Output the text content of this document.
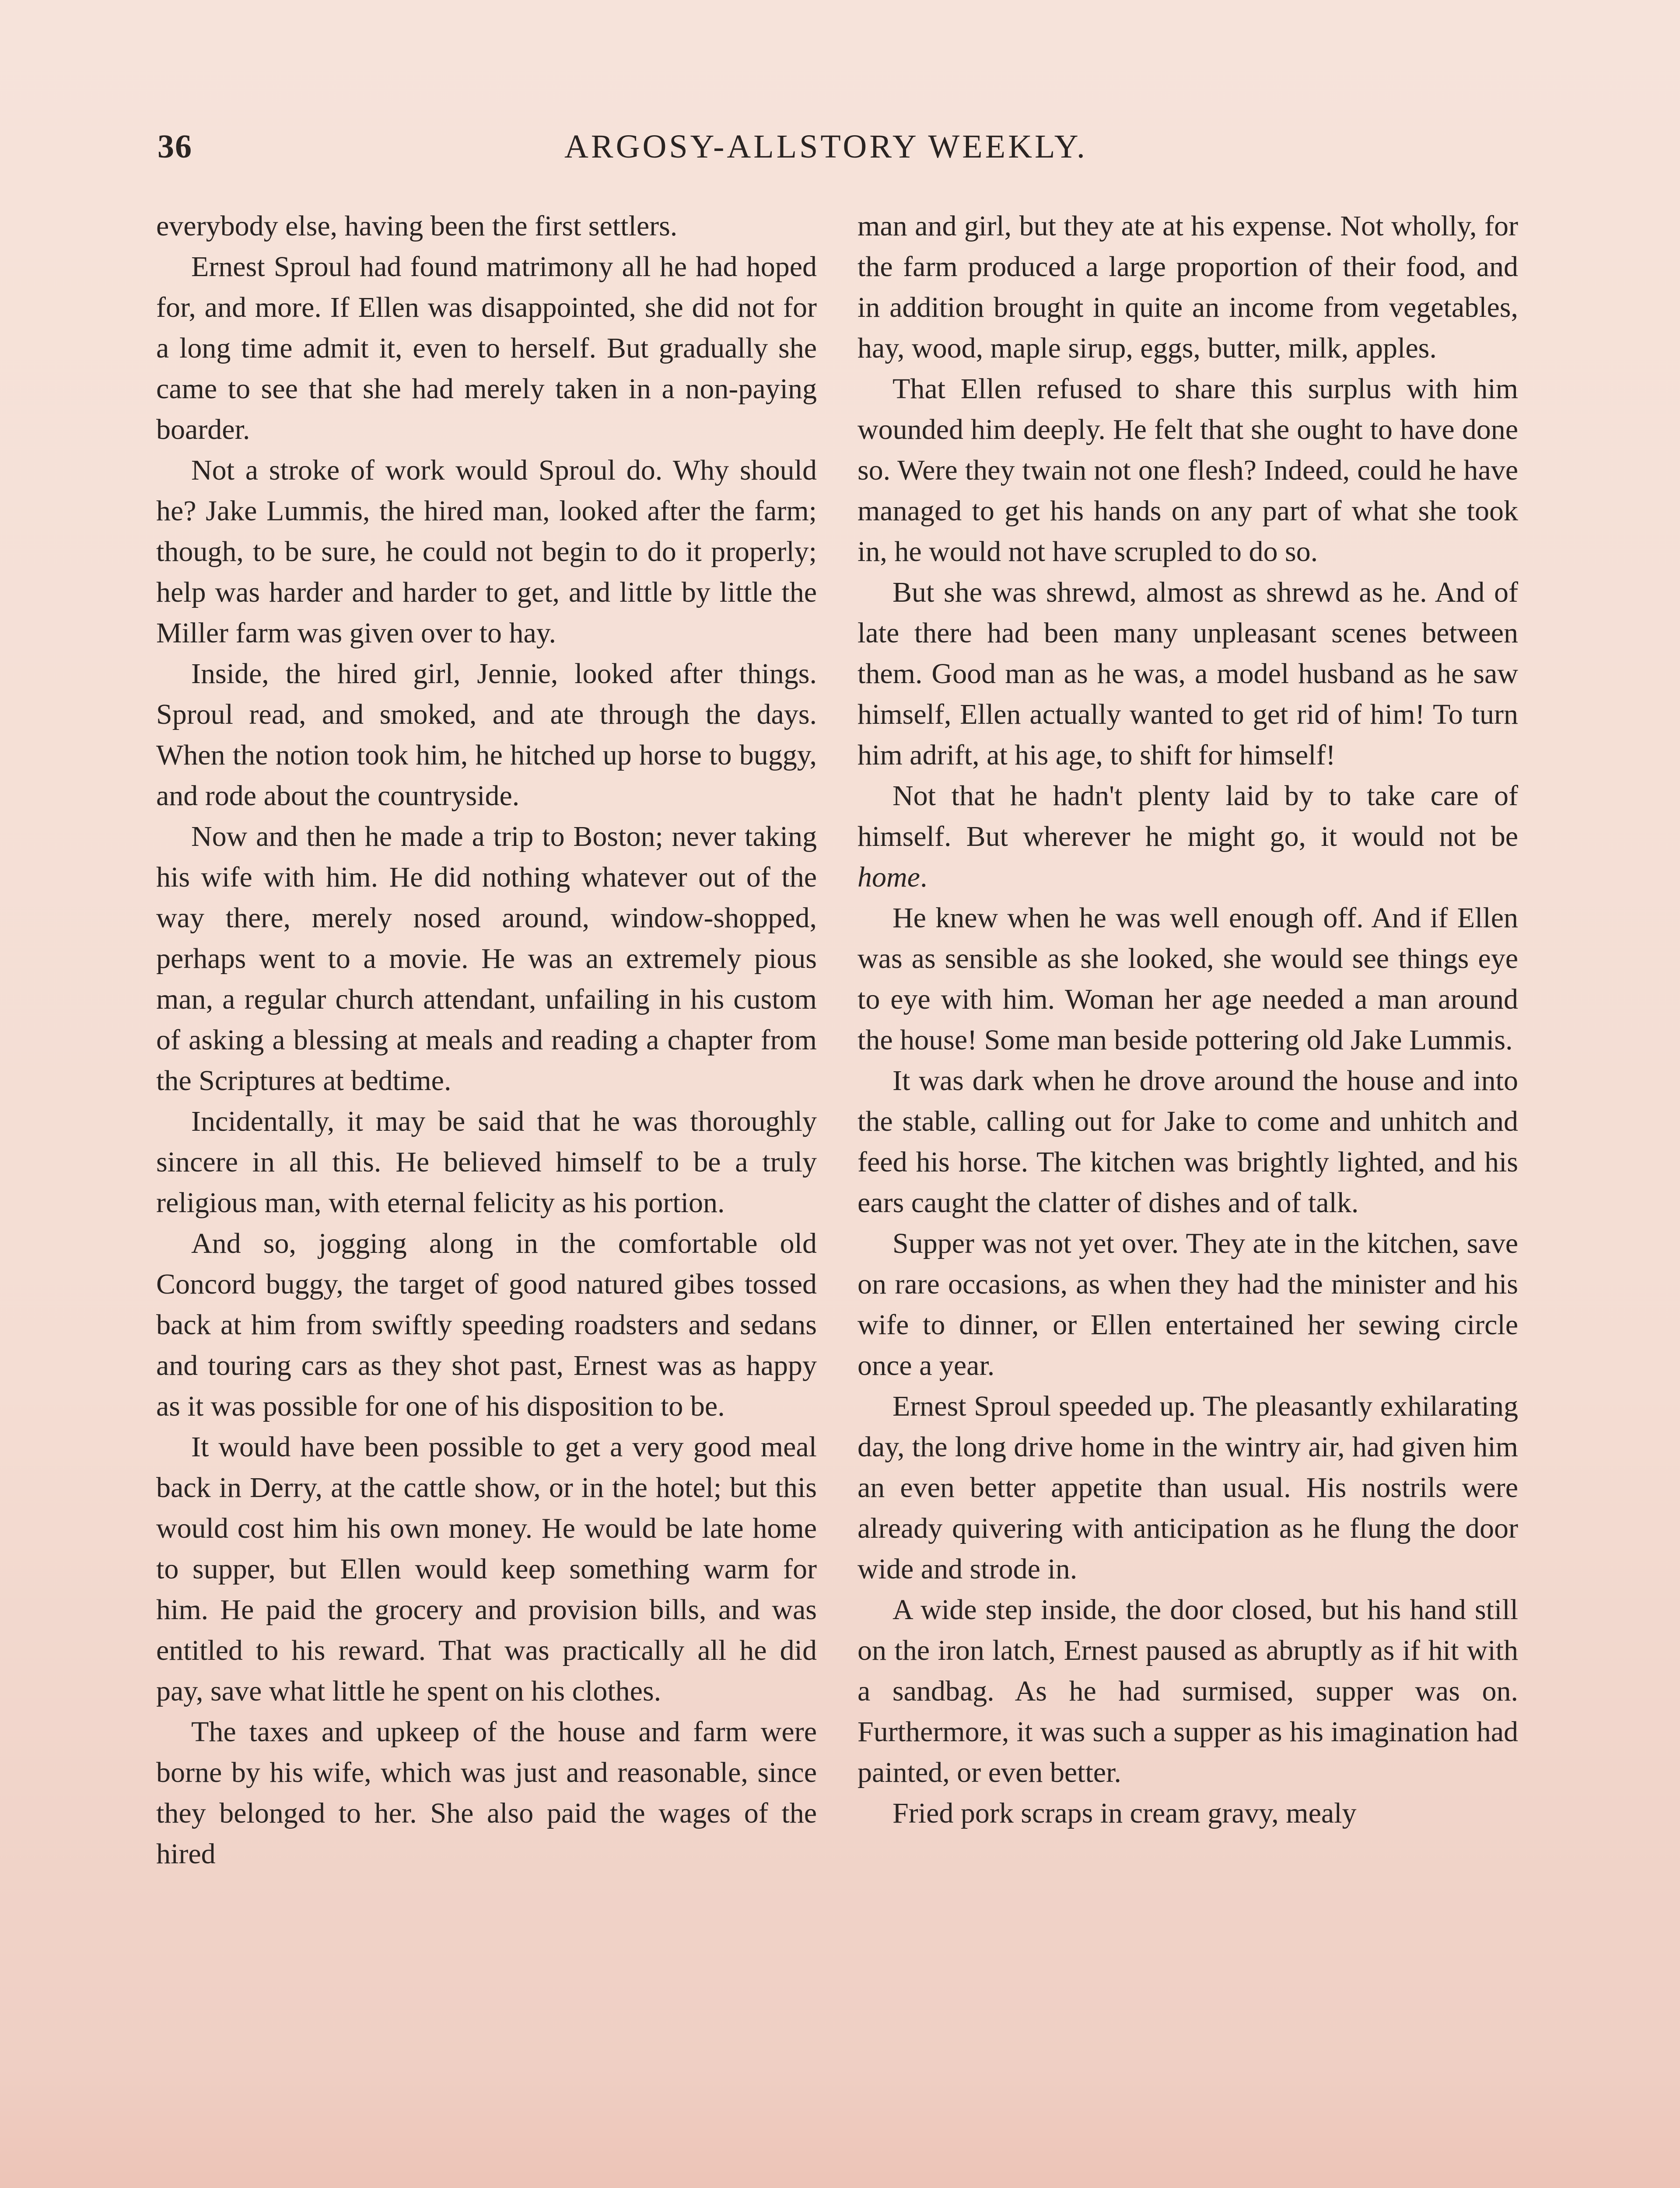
36	ARGOSY-ALLSTORY WEEKLY.

everybody else, having been the first settlers.

Ernest Sproul had found matrimony all he had hoped for, and more. If Ellen was disappointed, she did not for a long time admit it, even to herself. But gradually she came to see that she had merely taken in a non-paying boarder.

Not a stroke of work would Sproul do. Why should he? Jake Lummis, the hired man, looked after the farm; though, to be sure, he could not begin to do it properly; help was harder and harder to get, and little by little the Miller farm was given over to hay.

Inside, the hired girl, Jennie, looked after things. Sproul read, and smoked, and ate through the days. When the notion took him, he hitched up horse to buggy, and rode about the countryside.

Now and then he made a trip to Boston; never taking his wife with him. He did nothing whatever out of the way there, merely nosed around, window-shopped, perhaps went to a movie. He was an extremely pious man, a regular church attendant, unfailing in his custom of asking a blessing at meals and reading a chapter from the Scriptures at bedtime.

Incidentally, it may be said that he was thoroughly sincere in all this. He believed himself to be a truly religious man, with eternal felicity as his portion.

And so, jogging along in the comfortable old Concord buggy, the target of good natured gibes tossed back at him from swiftly speeding roadsters and sedans and touring cars as they shot past, Ernest was as happy as it was possible for one of his disposition to be.

It would have been possible to get a very good meal back in Derry, at the cattle show, or in the hotel; but this would cost him his own money. He would be late home to supper, but Ellen would keep something warm for him. He paid the grocery and provision bills, and was entitled to his reward. That was practically all he did pay, save what little he spent on his clothes.

The taxes and upkeep of the house and farm were borne by his wife, which was just and reasonable, since they belonged to her. She also paid the wages of the hired

man and girl, but they ate at his expense. Not wholly, for the farm produced a large proportion of their food, and in addition brought in quite an income from vegetables, hay, wood, maple sirup, eggs, butter, milk, apples.

That Ellen refused to share this surplus with him wounded him deeply. He felt that she ought to have done so. Were they twain not one flesh? Indeed, could he have managed to get his hands on any part of what she took in, he would not have scrupled to do so.

But she was shrewd, almost as shrewd as he. And of late there had been many unpleasant scenes between them. Good man as he was, a model husband as he saw himself, Ellen actually wanted to get rid of him! To turn him adrift, at his age, to shift for himself!

Not that he hadn't plenty laid by to take care of himself. But wherever he might go, it would not be home.

He knew when he was well enough off. And if Ellen was as sensible as she looked, she would see things eye to eye with him. Woman her age needed a man around the house! Some man beside pottering old Jake Lummis.

It was dark when he drove around the house and into the stable, calling out for Jake to come and unhitch and feed his horse. The kitchen was brightly lighted, and his ears caught the clatter of dishes and of talk.

Supper was not yet over. They ate in the kitchen, save on rare occasions, as when they had the minister and his wife to dinner, or Ellen entertained her sewing circle once a year.

Ernest Sproul speeded up. The pleasantly exhilarating day, the long drive home in the wintry air, had given him an even better appetite than usual. His nostrils were already quivering with anticipation as he flung the door wide and strode in.

A wide step inside, the door closed, but his hand still on the iron latch, Ernest paused as abruptly as if hit with a sandbag. As he had surmised, supper was on. Furthermore, it was such a supper as his imagination had painted, or even better.

Fried pork scraps in cream gravy, mealy
